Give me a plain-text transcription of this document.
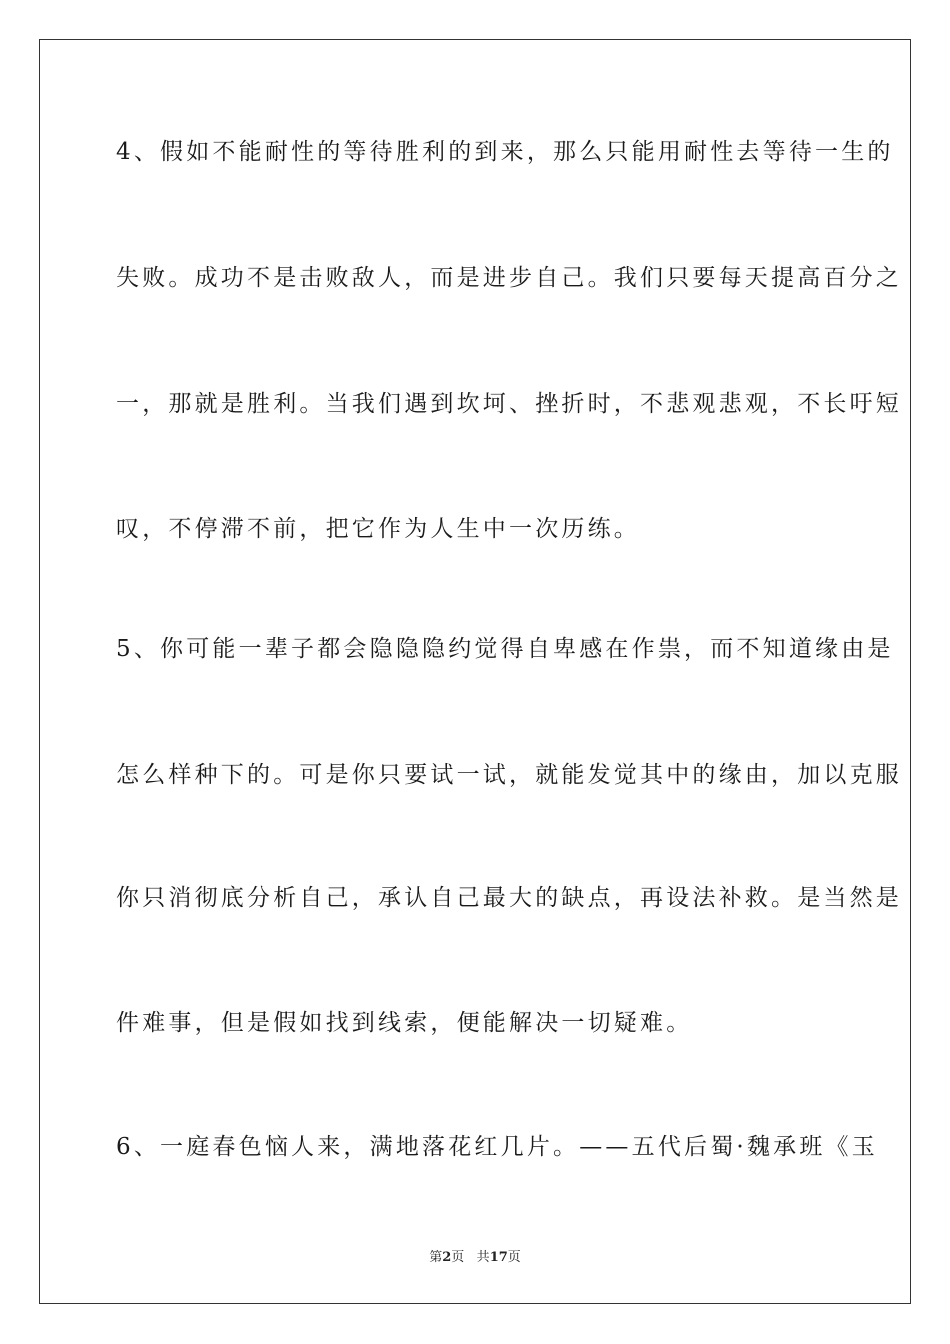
4、假如不能耐性的等待胜利的到来，那么只能用耐性去等待一生的
失败。成功不是击败敌人，而是进步自己。我们只要每天提高百分之
一，那就是胜利。当我们遇到坎坷、挫折时，不悲观悲观，不长吁短
叹，不停滞不前，把它作为人生中一次历练。
5、你可能一辈子都会隐隐隐约觉得自卑感在作祟，而不知道缘由是
怎么样种下的。可是你只要试一试，就能发觉其中的缘由，加以克服
你只消彻底分析自己，承认自己最大的缺点，再设法补救。是当然是
件难事，但是假如找到线索，便能解决一切疑难。
6、一庭春色恼人来，满地落花红几片。——五代后蜀·魏承班《玉
第2页 共17页
